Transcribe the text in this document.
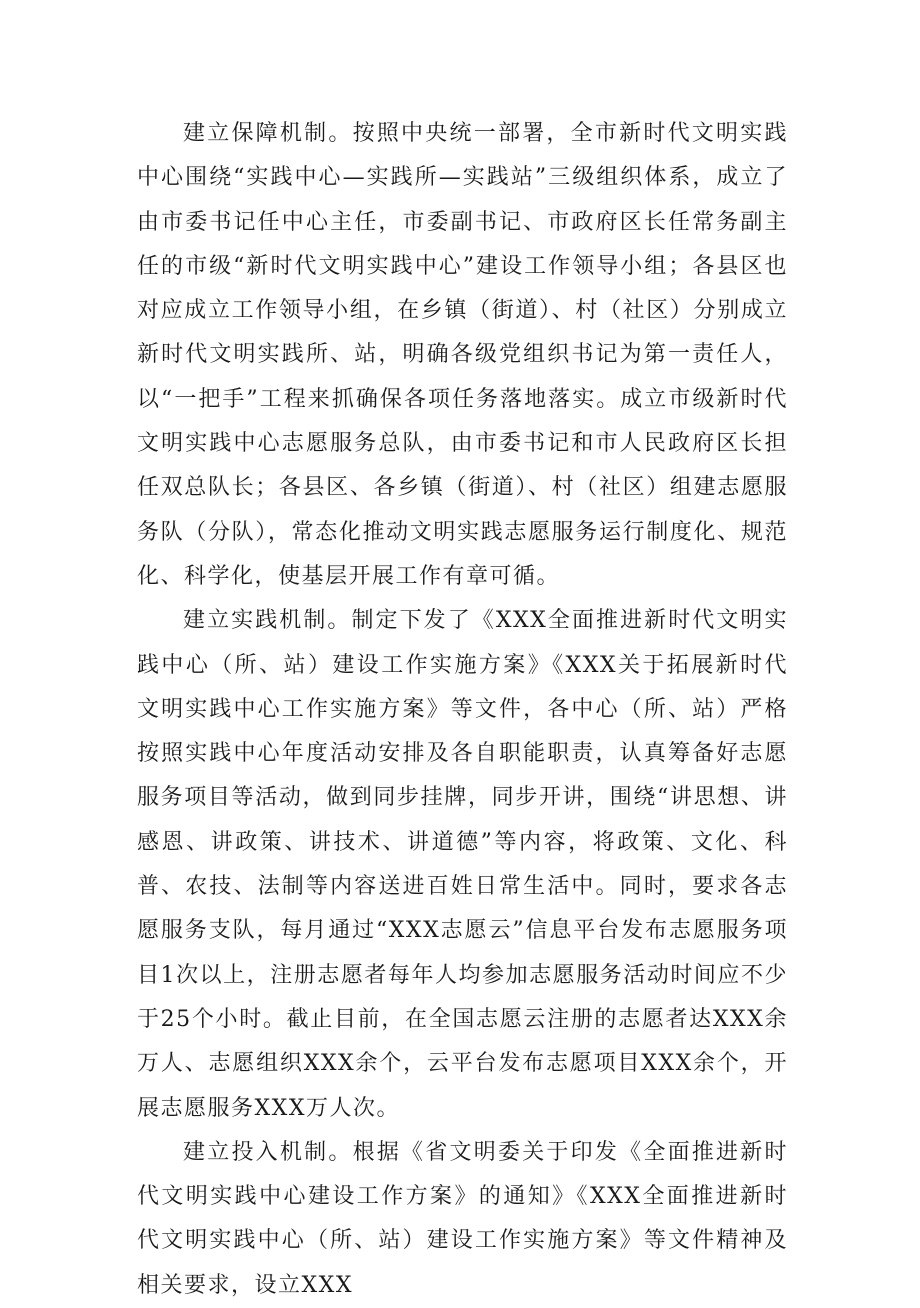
建立保障机制。按照中央统一部署，全市新时代文明实践中心围绕“实践中心—实践所—实践站”三级组织体系，成立了由市委书记任中心主任，市委副书记、市政府区长任常务副主任的市级“新时代文明实践中心”建设工作领导小组；各县区也对应成立工作领导小组，在乡镇（街道）、村（社区）分别成立新时代文明实践所、站，明确各级党组织书记为第一责任人，以“一把手”工程来抓确保各项任务落地落实。成立市级新时代文明实践中心志愿服务总队，由市委书记和市人民政府区长担任双总队长；各县区、各乡镇（街道）、村（社区）组建志愿服务队（分队），常态化推动文明实践志愿服务运行制度化、规范化、科学化，使基层开展工作有章可循。

建立实践机制。制定下发了《XXX全面推进新时代文明实践中心（所、站）建设工作实施方案》《XXX关于拓展新时代文明实践中心工作实施方案》等文件，各中心（所、站）严格按照实践中心年度活动安排及各自职能职责，认真筹备好志愿服务项目等活动，做到同步挂牌，同步开讲，围绕“讲思想、讲感恩、讲政策、讲技术、讲道德”等内容，将政策、文化、科普、农技、法制等内容送进百姓日常生活中。同时，要求各志愿服务支队，每月通过“XXX志愿云”信息平台发布志愿服务项目1次以上，注册志愿者每年人均参加志愿服务活动时间应不少于25个小时。截止目前，在全国志愿云注册的志愿者达XXX余万人、志愿组织XXX余个，云平台发布志愿项目XXX余个，开展志愿服务XXX万人次。

建立投入机制。根据《省文明委关于印发《全面推进新时代文明实践中心建设工作方案》的通知》《XXX全面推进新时代文明实践中心（所、站）建设工作实施方案》等文件精神及相关要求，设立XXX
